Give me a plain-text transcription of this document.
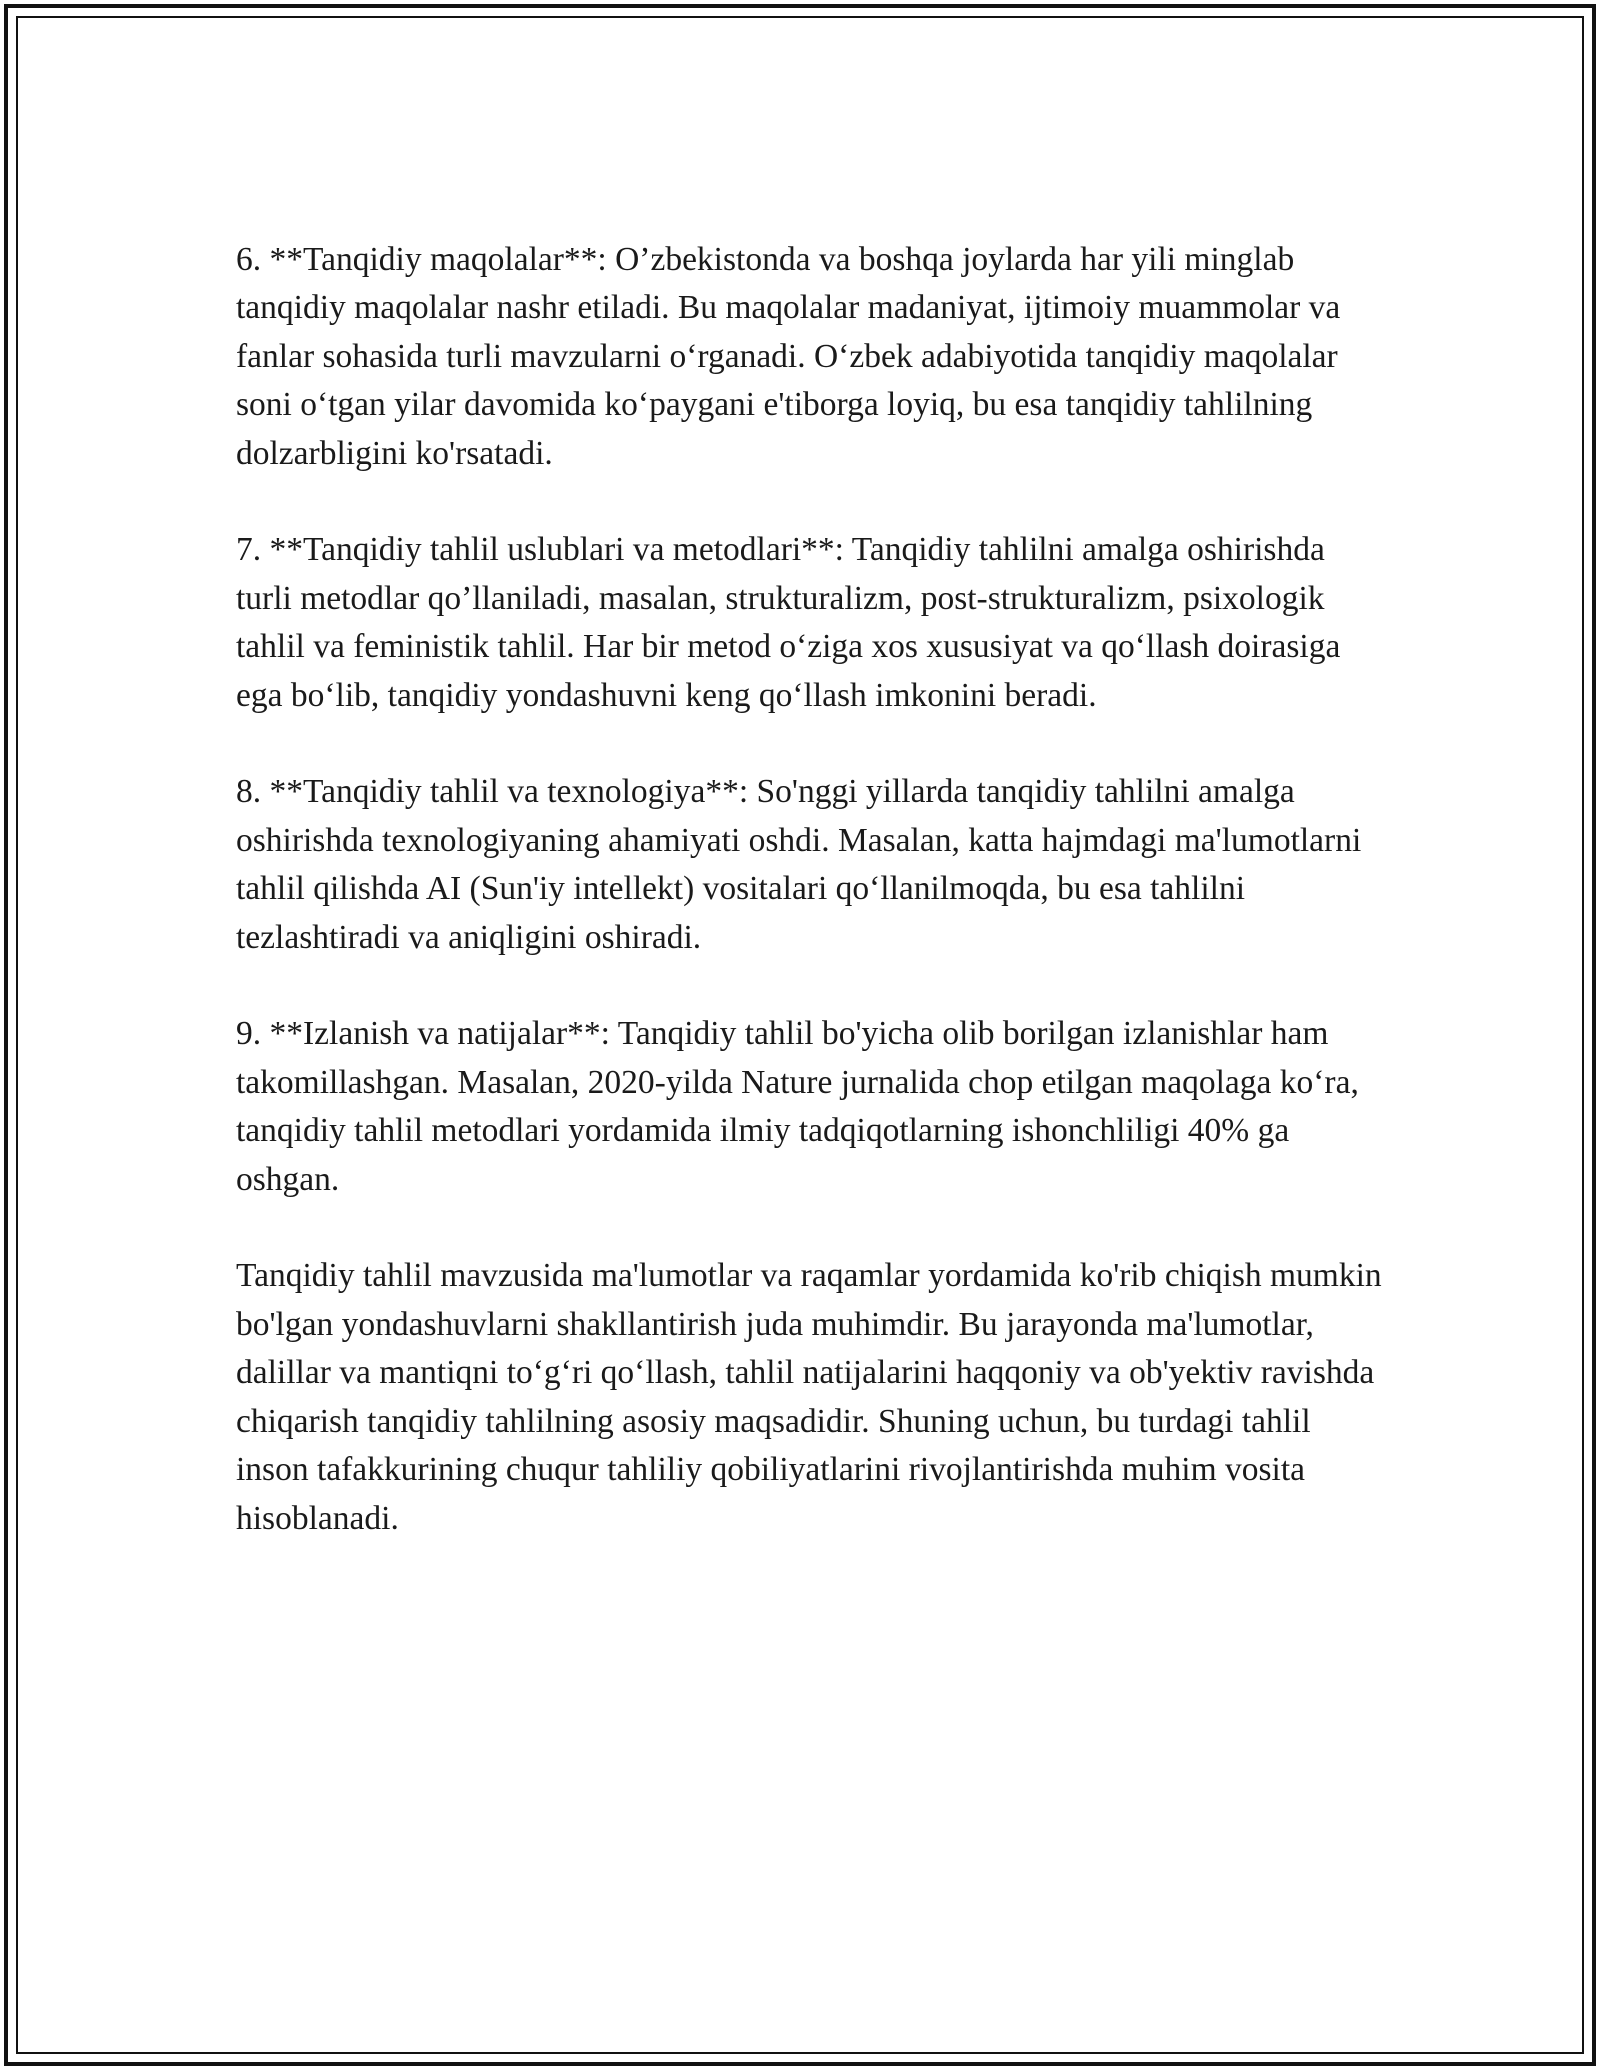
6. **Tanqidiy maqolalar**: O’zbekistonda va boshqa joylarda har yili minglab tanqidiy maqolalar nashr etiladi. Bu maqolalar madaniyat, ijtimoiy muammolar va fanlar sohasida turli mavzularni o‘rganadi. O‘zbek adabiyotida tanqidiy maqolalar soni o‘tgan yilar davomida ko‘paygani e'tiborga loyiq, bu esa tanqidiy tahlilning dolzarbligini ko'rsatadi.

7. **Tanqidiy tahlil uslublari va metodlari**: Tanqidiy tahlilni amalga oshirishda turli metodlar qo’llaniladi, masalan, strukturalizm, post-strukturalizm, psixologik tahlil va feministik tahlil. Har bir metod o‘ziga xos xususiyat va qo‘llash doirasiga ega bo‘lib, tanqidiy yondashuvni keng qo‘llash imkonini beradi.

8. **Tanqidiy tahlil va texnologiya**: So'nggi yillarda tanqidiy tahlilni amalga oshirishda texnologiyaning ahamiyati oshdi. Masalan, katta hajmdagi ma'lumotlarni tahlil qilishda AI (Sun'iy intellekt) vositalari qo‘llanilmoqda, bu esa tahlilni tezlashtiradi va aniqligini oshiradi.

9. **Izlanish va natijalar**: Tanqidiy tahlil bo'yicha olib borilgan izlanishlar ham takomillashgan. Masalan, 2020-yilda Nature jurnalida chop etilgan maqolaga ko‘ra, tanqidiy tahlil metodlari yordamida ilmiy tadqiqotlarning ishonchliligi 40% ga oshgan.

Tanqidiy tahlil mavzusida ma'lumotlar va raqamlar yordamida ko'rib chiqish mumkin bo'lgan yondashuvlarni shakllantirish juda muhimdir. Bu jarayonda ma'lumotlar, dalillar va mantiqni to‘g‘ri qo‘llash, tahlil natijalarini haqqoniy va ob'yektiv ravishda chiqarish tanqidiy tahlilning asosiy maqsadidir. Shuning uchun, bu turdagi tahlil inson tafakkurining chuqur tahliliy qobiliyatlarini rivojlantirishda muhim vosita hisoblanadi.
